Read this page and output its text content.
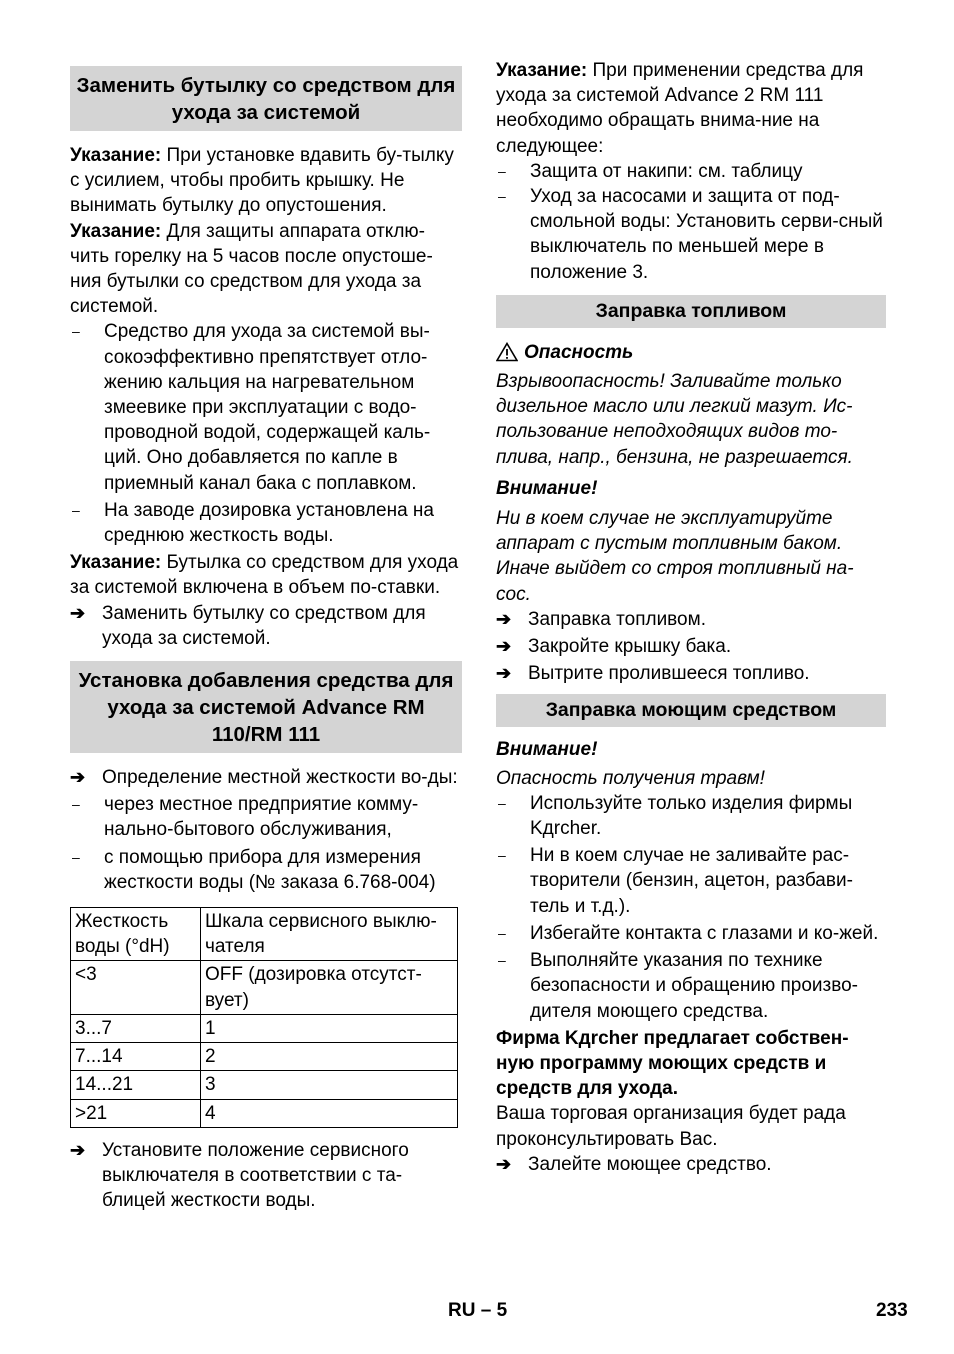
Заменить бутылку со средством для ухода за системой

Указание: При установке вдавить бу-тылку с усилием, чтобы пробить крышку. Не вынимать бутылку до опустошения.

Указание: Для защиты аппарата отклю-чить горелку на 5 часов после опустоше-ния бутылки со средством для ухода за системой.

–	Средство для ухода за системой вы-сокоэффективно препятствует отло-жению кальция на нагревательном змеевике при эксплуатации с водо-проводной водой, содержащей каль-ций. Оно добавляется по капле в приемный канал бака с поплавком.
–	На заводе дозировка установлена на среднюю жесткость воды.

Указание: Бутылка со средством для ухода за системой включена в объем по-ставки.

➔ Заменить бутылку со средством для ухода за системой.
Установка добавления средства для ухода за системой Advance RM 110/RM 111
➔ Определение местной жесткости во-ды:
–	через местное предприятие комму-нально-бытового обслуживания,
–	с помощью прибора для измерения жесткости воды (№ заказа 6.768-004)
Жесткость воды (°dH)	Шкала сервисного выклю-чателя
<3	OFF (дозировка отсутст-вует)
3...7	1
7...14	2
14...21	3
>21	4
➔ Установите положение сервисного выключателя в соответствии с та-блицей жесткости воды.

Указание: При применении средства для ухода за системой Advance 2 RM 111 необходимо обращать внима-ние на следующее:

–	Защита от накипи: см. таблицу
–	Уход за насосами и защита от под-смольной воды: Установить серви-сный выключатель по меньшей мере в положение 3.
Заправка топливом
Опасность

Взрывоопасность! Заливайте только дизельное масло или легкий мазут. Ис-пользование неподходящих видов то-плива, напр., бензина, не разрешается.

Внимание!

Ни в коем случае не эксплуатируйте аппарат с пустым топливным баком. Иначе выйдет со строя топливный на-сос.

➔ Заправка топливом.
➔ Закройте крышку бака.
➔ Вытрите пролившееся топливо.
Заправка моющим средством

Внимание!

Опасность получения травм!

–	Используйте только изделия фирмы Kдrcher.
–	Ни в коем случае не заливайте рас-творители (бензин, ацетон, разбави-тель и т.д.).
–	Избегайте контакта с глазами и ко-жей.
–	Выполняйте указания по технике безопасности и обращению произво-дителя моющего средства.

Фирма Kдrcher предлагает собствен-ную программу моющих средств и средств для ухода.

Ваша торговая организация будет рада проконсультировать Вас.

➔ Залейте моющее средство.
RU – 5	233
